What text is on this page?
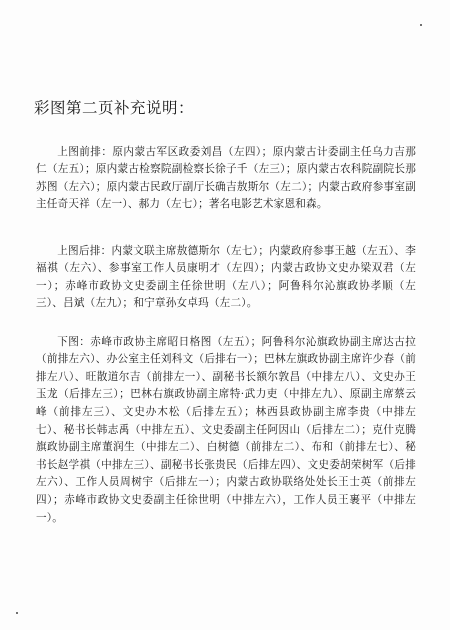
彩图第二页补充说明：

上图前排：原内蒙古军区政委刘昌（左四）；原内蒙古计委副主任乌力吉那仁（左五）；原内蒙古检察院副检察长徐子千（左三）；原内蒙古农科院副院长那苏图（左六）；原内蒙古民政厅副厅长确吉敖斯尔（左二）；内蒙古政府参事室副主任奇天祥（左一）、郝力（左七）；著名电影艺术家恩和森。

上图后排：内蒙文联主席敖德斯尔（左七）；内蒙政府参事王越（左五）、李福祺（左六）、参事室工作人员康明才（左四）；内蒙古政协文史办梁双君（左一）；赤峰市政协文史委副主任徐世明（左八）；阿鲁科尔沁旗政协孝顺（左三）、吕斌（左九）；和宁章孙女卓玛（左二）。

下图：赤峰市政协主席昭日格图（左五）；阿鲁科尔沁旗政协副主席达古拉（前排左六）、办公室主任刘科文（后排右一）；巴林左旗政协副主席许少春（前排左八）、旺散道尔吉（前排左一）、副秘书长额尔敦昌（中排左八）、文史办王玉龙（后排左三）；巴林右旗政协副主席特·武力吏（中排左九）、原副主席蔡云峰（前排左三）、文史办木松（后排左五）；林西县政协副主席李贵（中排左七）、秘书长韩志禹（中排左五）、文史委副主任阿因山（后排左二）；克什克腾旗政协副主席董润生（中排左二）、白树德（前排左二）、布和（前排左七）、秘书长赵学祺（中排左三）、副秘书长张贵民（后排左四）、文史委胡荣树军（后排左六）、工作人员周树宇（后排左一）；内蒙古政协联络处处长王士英（前排左四）；赤峰市政协文史委副主任徐世明（中排左六），工作人员王裹平（中排左一）。
